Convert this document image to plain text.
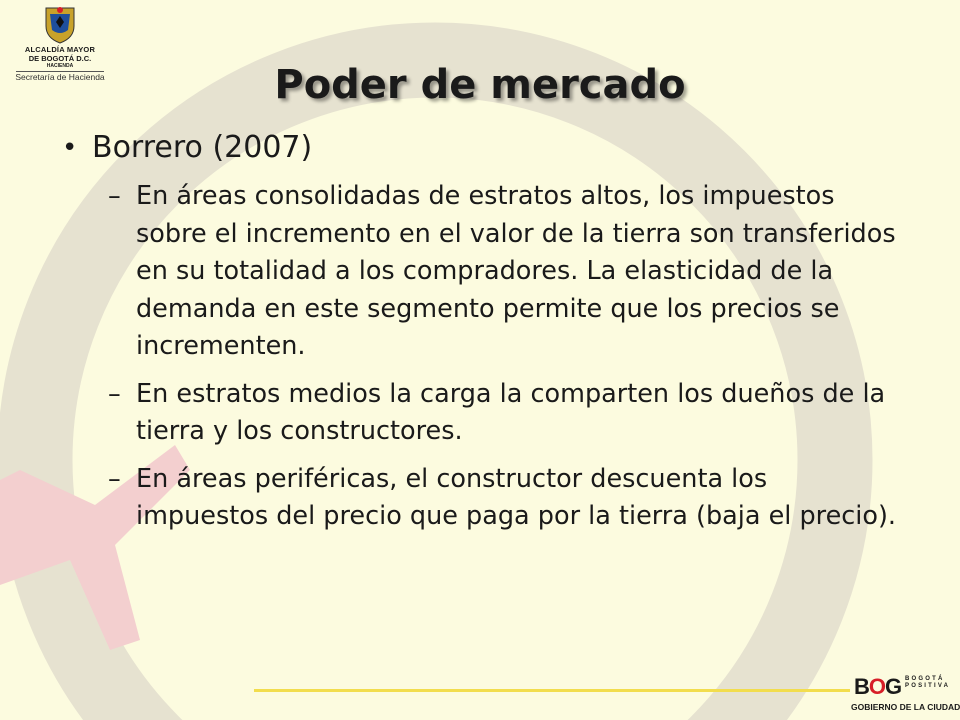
ALCALDÍA MAYOR
DE BOGOTÁ D.C.
HACIENDA
Secretaría de Hacienda	Poder de mercado
• Borrero (2007)
– En áreas consolidadas de estratos altos, los impuestos sobre el incremento en el valor de la tierra son transferidos en su totalidad a los compradores. La elasticidad de la demanda en este segmento permite que los precios se incrementen.
– En estratos medios la carga la comparten los dueños de la tierra y los constructores.
– En áreas periféricas, el constructor descuenta los impuestos del precio que paga por la tierra (baja el precio).
BOG BOGOTÁ
POSITIVA
GOBIERNO DE LA CIUDAD
